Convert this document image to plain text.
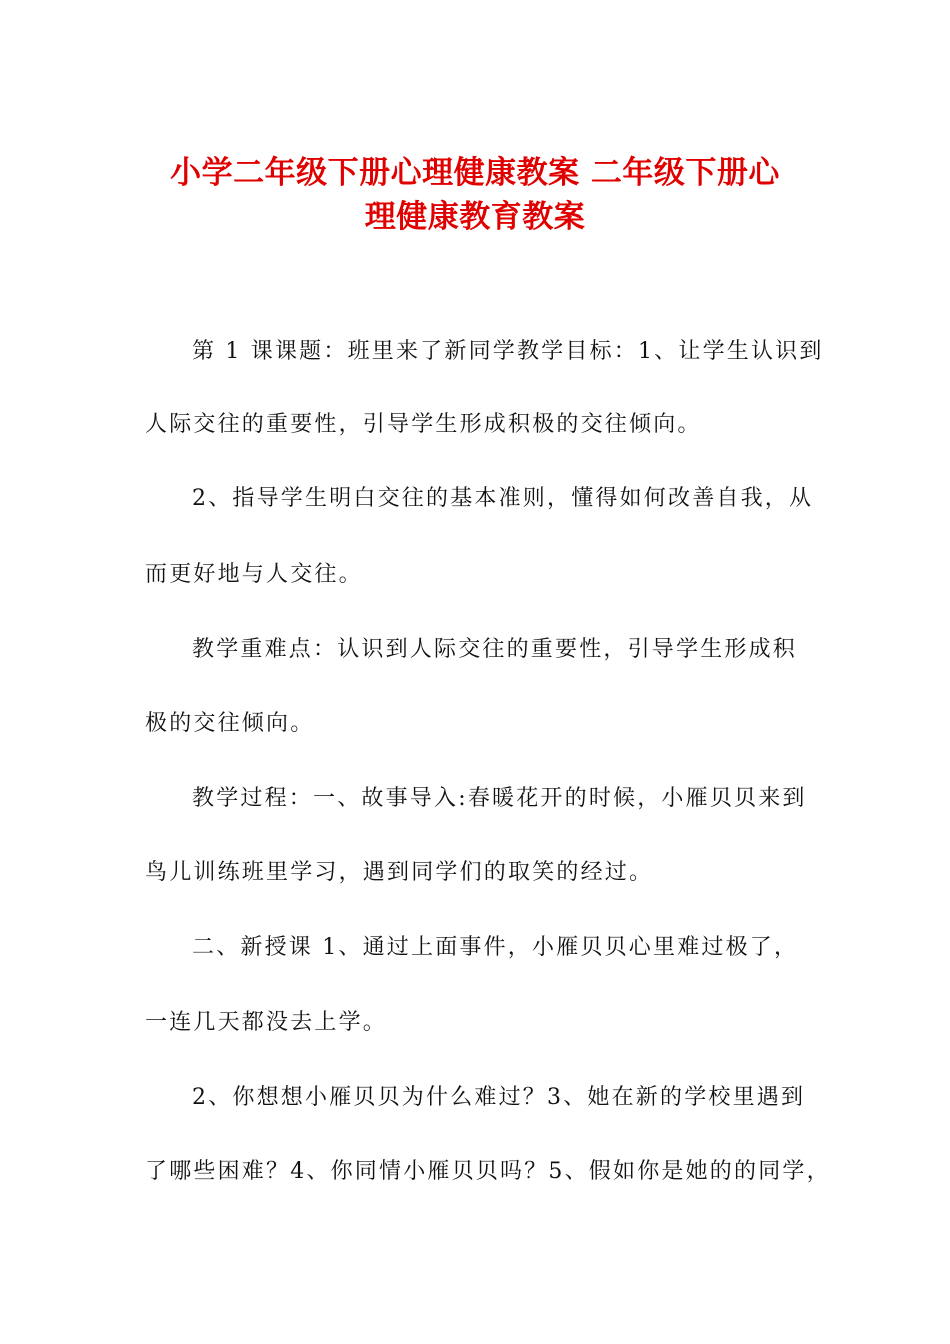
小学二年级下册心理健康教案 二年级下册心
理健康教育教案
第 1 课课题：班里来了新同学教学目标：1、让学生认识到
人际交往的重要性，引导学生形成积极的交往倾向。
2、指导学生明白交往的基本准则，懂得如何改善自我，从
而更好地与人交往。
教学重难点：认识到人际交往的重要性，引导学生形成积
极的交往倾向。
教学过程：一、故事导入:春暖花开的时候，小雁贝贝来到
鸟儿训练班里学习，遇到同学们的取笑的经过。
二、新授课 1、通过上面事件，小雁贝贝心里难过极了，
一连几天都没去上学。
2、你想想小雁贝贝为什么难过？3、她在新的学校里遇到
了哪些困难？4、你同情小雁贝贝吗？5、假如你是她的的同学，
